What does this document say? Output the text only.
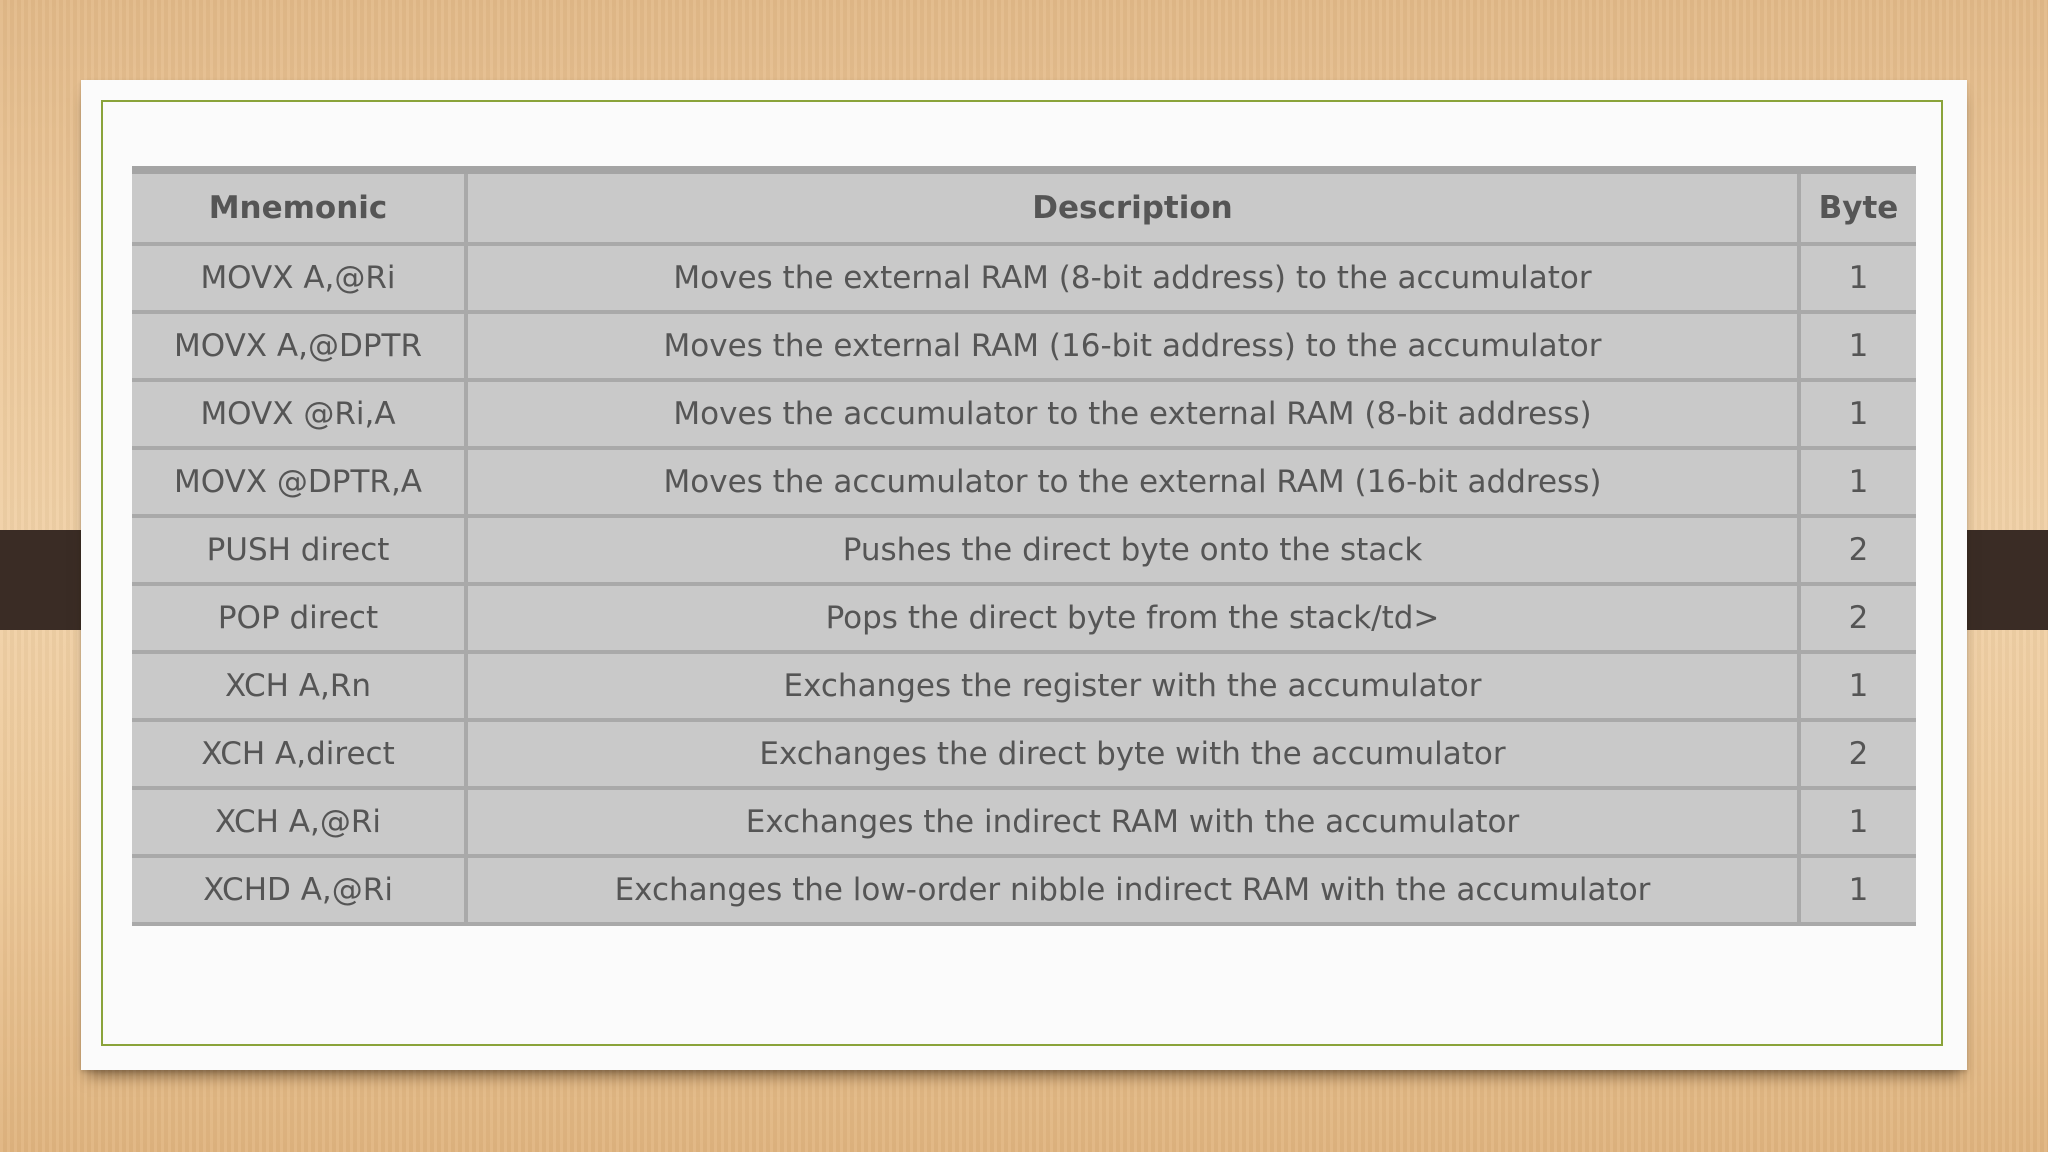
Mnemonic	Description	Byte
MOVX A,@Ri	Moves the external RAM (8-bit address) to the accumulator	1
MOVX A,@DPTR	Moves the external RAM (16-bit address) to the accumulator	1
MOVX @Ri,A	Moves the accumulator to the external RAM (8-bit address)	1
MOVX @DPTR,A	Moves the accumulator to the external RAM (16-bit address)	1
PUSH direct	Pushes the direct byte onto the stack	2
POP direct	Pops the direct byte from the stack/td>	2
XCH A,Rn	Exchanges the register with the accumulator	1
XCH A,direct	Exchanges the direct byte with the accumulator	2
XCH A,@Ri	Exchanges the indirect RAM with the accumulator	1
XCHD A,@Ri	Exchanges the low-order nibble indirect RAM with the accumulator	1
